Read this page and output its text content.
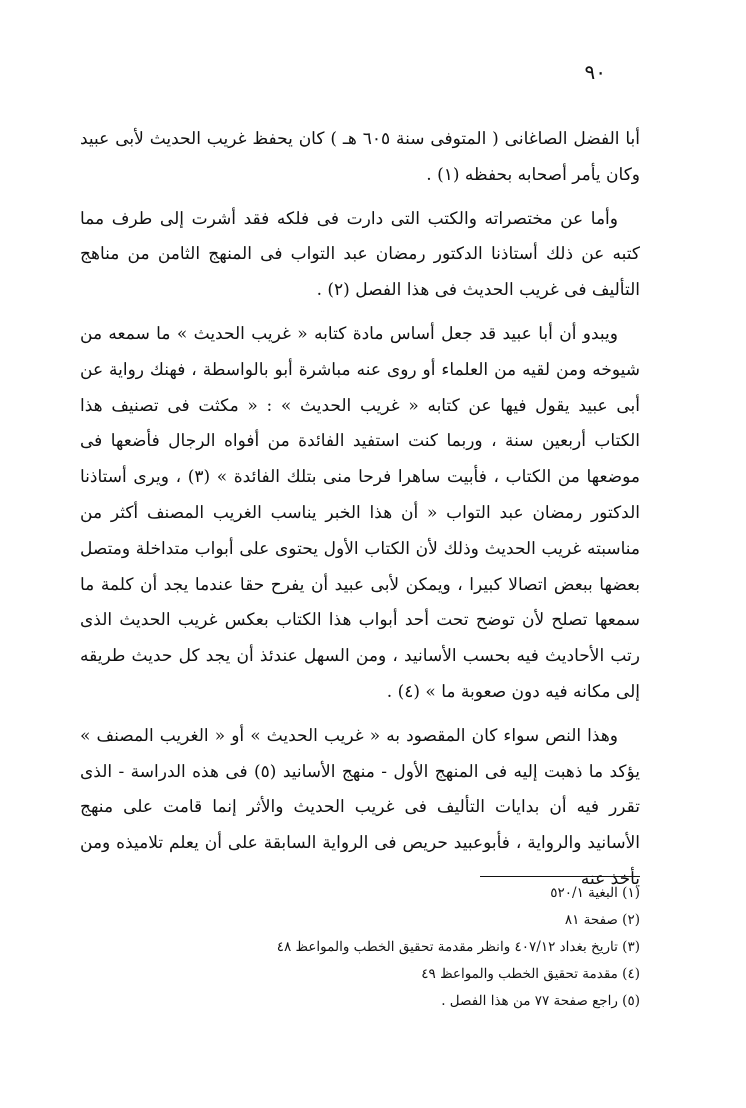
٩٠

أبا الفضل الصاغانى ( المتوفى سنة ٦٠٥ هـ ) كان يحفظ غريب الحديث لأبى عبيد وكان يأمر أصحابه بحفظه (١) .

وأما عن مختصراته والكتب التى دارت فى فلكه فقد أشرت إلى طرف مما كتبه عن ذلك أستاذنا الدكتور رمضان عبد التواب فى المنهج الثامن من مناهج التأليف فى غريب الحديث فى هذا الفصل (٢) .

ويبدو أن أبا عبيد قد جعل أساس مادة كتابه « غريب الحديث » ما سمعه من شيوخه ومن لقيه من العلماء أو روى عنه مباشرة أبو بالواسطة ، فهنك رواية عن أبى عبيد يقول فيها عن كتابه « غريب الحديث » : « مكثت فى تصنيف هذا الكتاب أربعين سنة ، وربما كنت استفيد الفائدة من أفواه الرجال فأضعها فى موضعها من الكتاب ، فأبيت ساهرا فرحا منى بتلك الفائدة » (٣) ، ويرى أستاذنا الدكتور رمضان عبد التواب « أن هذا الخبر يناسب الغريب المصنف أكثر من مناسبته غريب الحديث وذلك لأن الكتاب الأول يحتوى على أبواب متداخلة ومتصل بعضها ببعض اتصالا كبيرا ، ويمكن لأبى عبيد أن يفرح حقا عندما يجد أن كلمة ما سمعها تصلح لأن توضح تحت أحد أبواب هذا الكتاب بعكس غريب الحديث الذى رتب الأحاديث فيه بحسب الأسانيد ، ومن السهل عندئذ أن يجد كل حديث طريقه إلى مكانه فيه دون صعوبة ما » (٤) .

وهذا النص سواء كان المقصود به « غريب الحديث » أو « الغريب المصنف » يؤكد ما ذهبت إليه فى المنهج الأول - منهج الأسانيد (٥) فى هذه الدراسة - الذى تقرر فيه أن بدايات التأليف فى غريب الحديث والأثر إنما قامت على منهج الأسانيد والرواية ، فأبوعبيد حريص فى الرواية السابقة على أن يعلم تلاميذه ومن يأخذ عنه

(١) البغية ٥٢٠/١
(٢) صفحة ٨١
(٣) تاريخ بغداد ٤٠٧/١٢ وانظر مقدمة تحقيق الخطب والمواعظ ٤٨
(٤) مقدمة تحقيق الخطب والمواعظ ٤٩
(٥) راجع صفحة ٧٧ من هذا الفصل .
